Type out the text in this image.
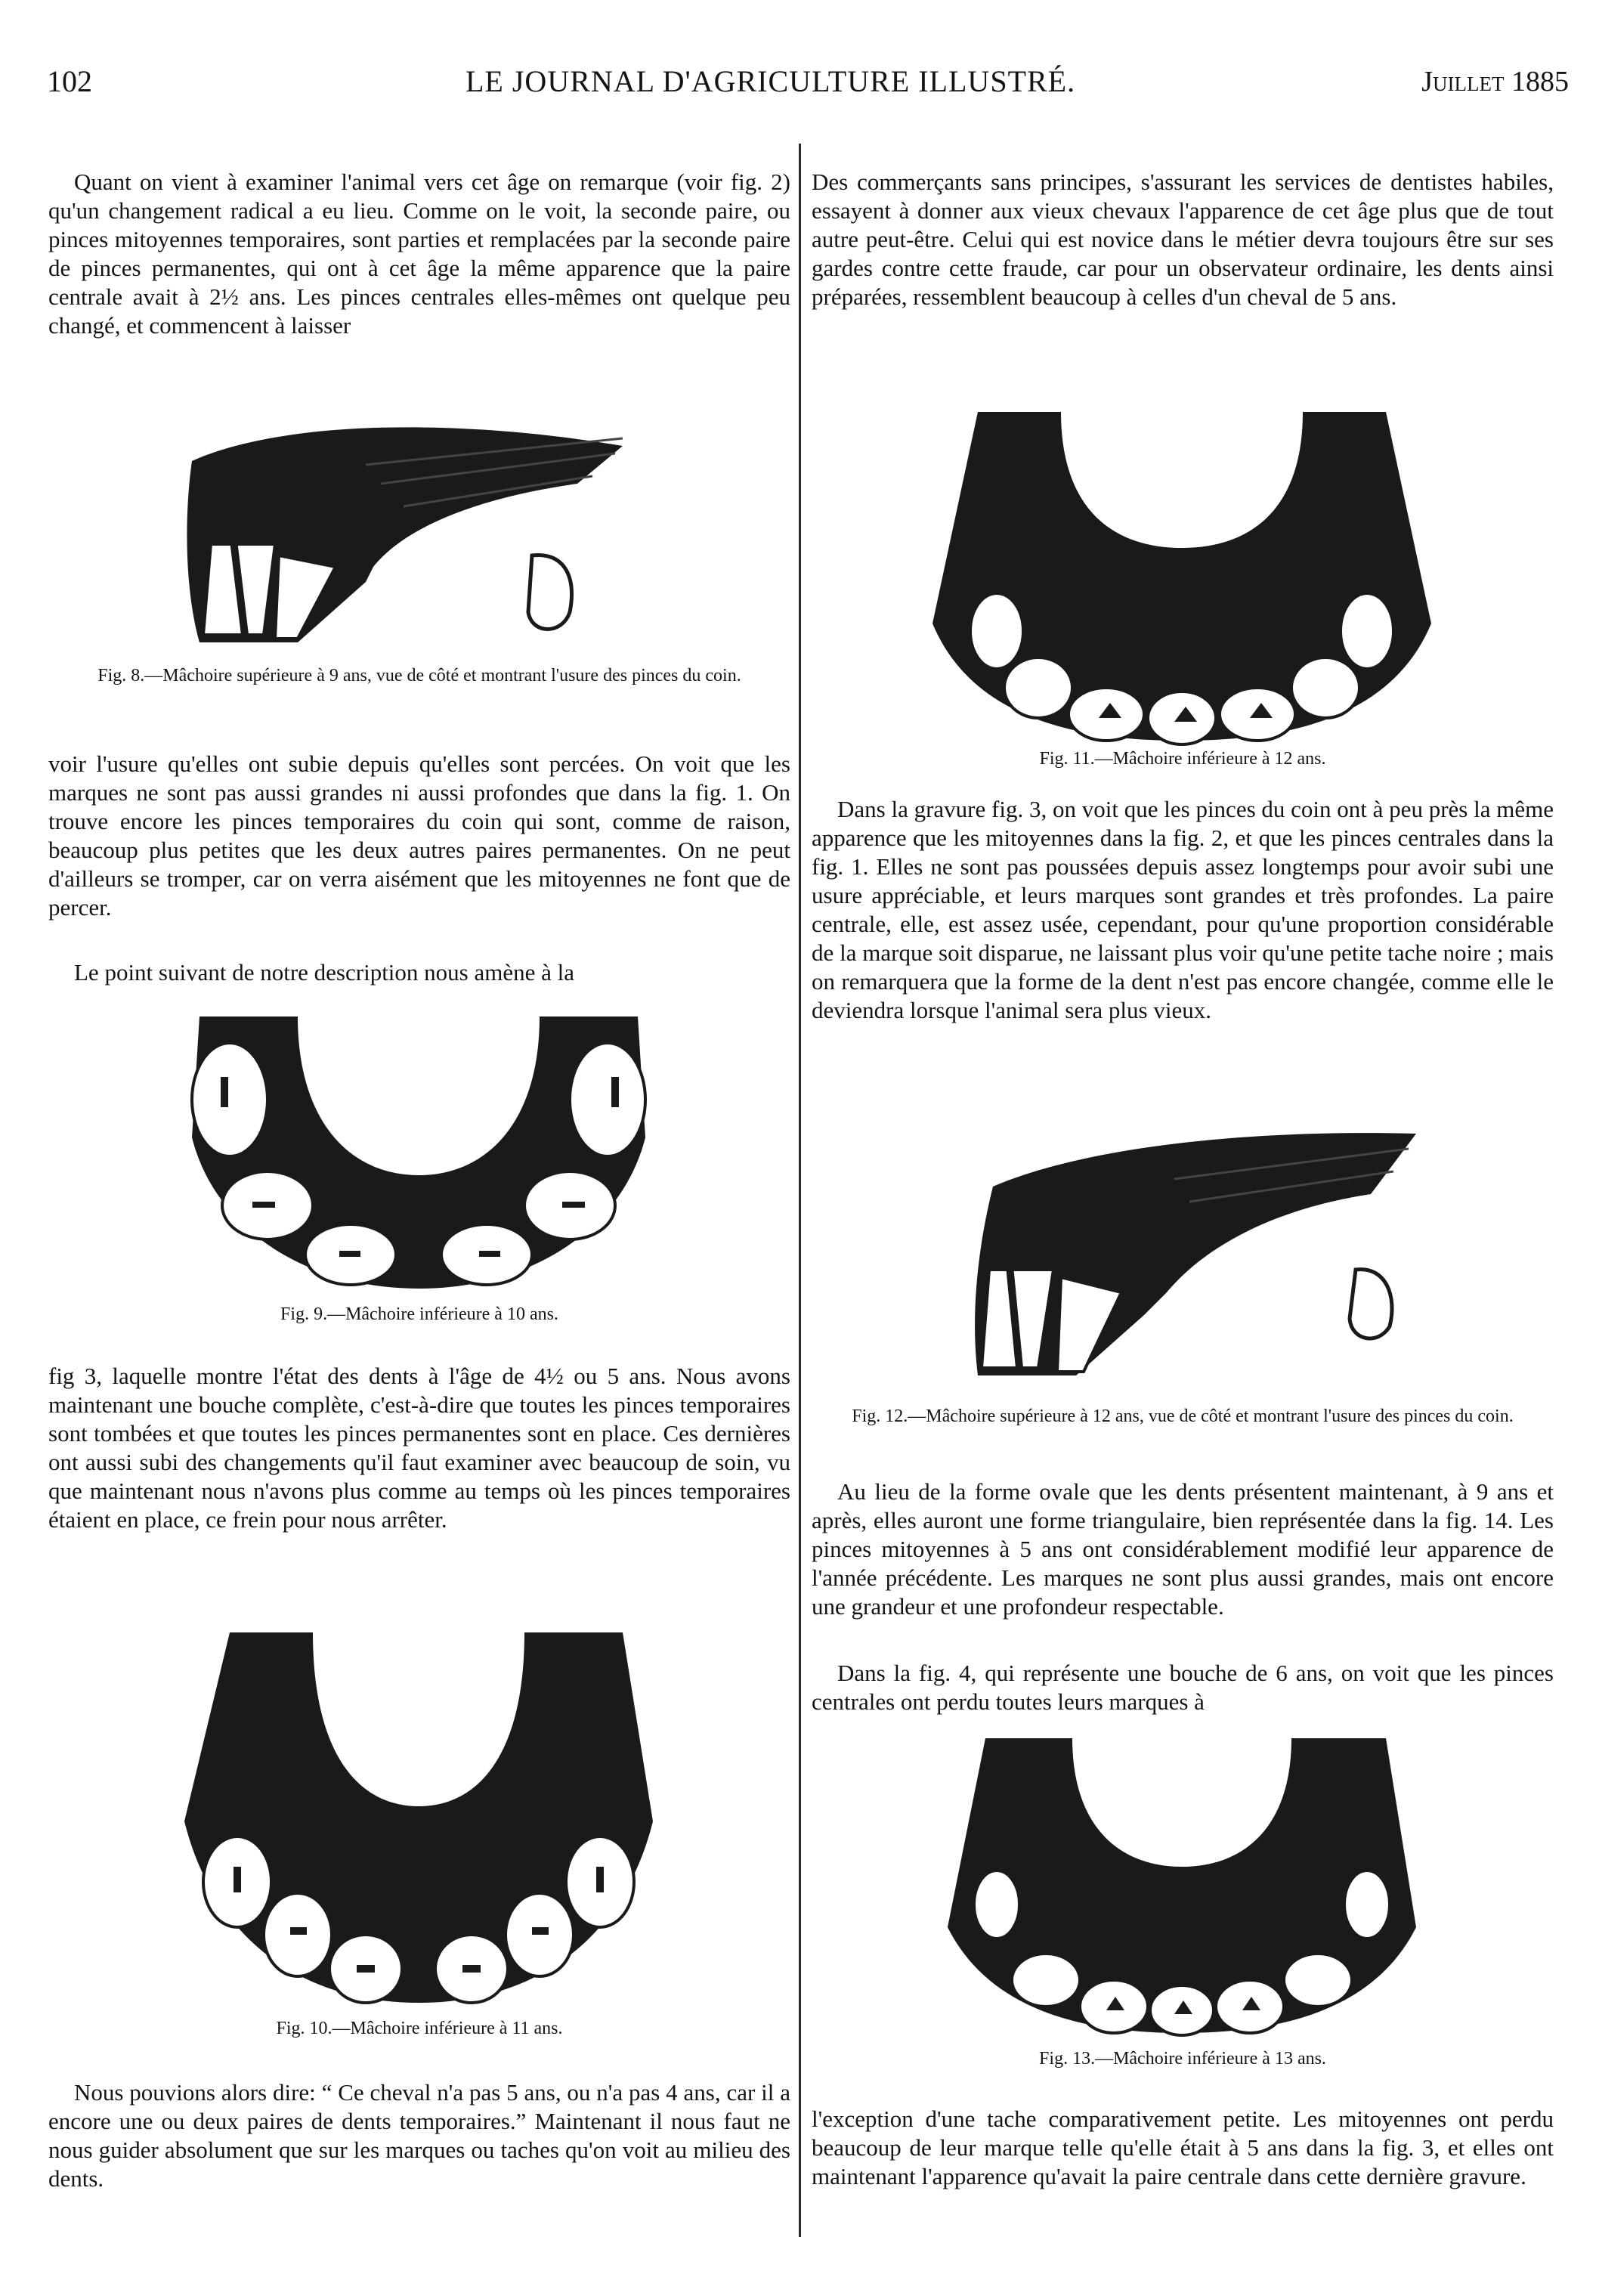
102	LE JOURNAL D'AGRICULTURE ILLUSTRÉ.	Juillet 1885

Quant on vient à examiner l'animal vers cet âge on remarque (voir fig. 2) qu'un changement radical a eu lieu. Comme on le voit, la seconde paire, ou pinces mitoyennes temporaires, sont parties et remplacées par la seconde paire de pinces permanentes, qui ont à cet âge la même apparence que la paire centrale avait à 2½ ans. Les pinces centrales elles-mêmes ont quelque peu changé, et commencent à laisser

Fig. 8.—Mâchoire supérieure à 9 ans, vue de côté et montrant l'usure des pinces du coin.

voir l'usure qu'elles ont subie depuis qu'elles sont percées. On voit que les marques ne sont pas aussi grandes ni aussi profondes que dans la fig. 1. On trouve encore les pinces temporaires du coin qui sont, comme de raison, beaucoup plus petites que les deux autres paires permanentes. On ne peut d'ailleurs se tromper, car on verra aisément que les mitoyennes ne font que de percer.

Le point suivant de notre description nous amène à la

Fig. 9.—Mâchoire inférieure à 10 ans.

fig 3, laquelle montre l'état des dents à l'âge de 4½ ou 5 ans. Nous avons maintenant une bouche complète, c'est-à-dire que toutes les pinces temporaires sont tombées et que toutes les pinces permanentes sont en place. Ces dernières ont aussi subi des changements qu'il faut examiner avec beaucoup de soin, vu que maintenant nous n'avons plus comme au temps où les pinces temporaires étaient en place, ce frein pour nous arrêter.

Fig. 10.—Mâchoire inférieure à 11 ans.

Nous pouvions alors dire: “ Ce cheval n'a pas 5 ans, ou n'a pas 4 ans, car il a encore une ou deux paires de dents temporaires.” Maintenant il nous faut ne nous guider absolument que sur les marques ou taches qu'on voit au milieu des dents.

Des commerçants sans principes, s'assurant les services de dentistes habiles, essayent à donner aux vieux chevaux l'apparence de cet âge plus que de tout autre peut-être. Celui qui est novice dans le métier devra toujours être sur ses gardes contre cette fraude, car pour un observateur ordinaire, les dents ainsi préparées, ressemblent beaucoup à celles d'un cheval de 5 ans.

Fig. 11.—Mâchoire inférieure à 12 ans.

Dans la gravure fig. 3, on voit que les pinces du coin ont à peu près la même apparence que les mitoyennes dans la fig. 2, et que les pinces centrales dans la fig. 1. Elles ne sont pas poussées depuis assez longtemps pour avoir subi une usure appréciable, et leurs marques sont grandes et très profondes. La paire centrale, elle, est assez usée, cependant, pour qu'une proportion considérable de la marque soit disparue, ne laissant plus voir qu'une petite tache noire ; mais on remarquera que la forme de la dent n'est pas encore changée, comme elle le deviendra lorsque l'animal sera plus vieux.

Fig. 12.—Mâchoire supérieure à 12 ans, vue de côté et montrant l'usure des pinces du coin.

Au lieu de la forme ovale que les dents présentent maintenant, à 9 ans et après, elles auront une forme triangulaire, bien représentée dans la fig. 14. Les pinces mitoyennes à 5 ans ont considérablement modifié leur apparence de l'année précédente. Les marques ne sont plus aussi grandes, mais ont encore une grandeur et une profondeur respectable.

Dans la fig. 4, qui représente une bouche de 6 ans, on voit que les pinces centrales ont perdu toutes leurs marques à

Fig. 13.—Mâchoire inférieure à 13 ans.

l'exception d'une tache comparativement petite. Les mitoyennes ont perdu beaucoup de leur marque telle qu'elle était à 5 ans dans la fig. 3, et elles ont maintenant l'apparence qu'avait la paire centrale dans cette dernière gravure.
